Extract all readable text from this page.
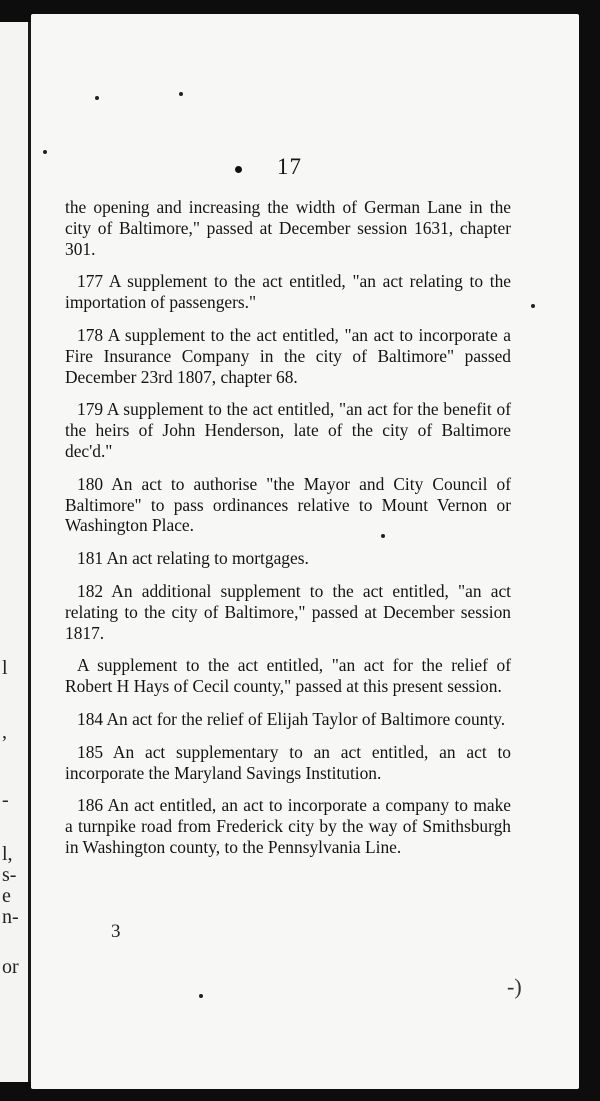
l
,
-
l,
s-
e
n-
or
17

the opening and increasing the width of German Lane in the city of Baltimore," passed at December session 1631, chapter 301.

177 A supplement to the act entitled, "an act relating to the importation of passengers."

178 A supplement to the act entitled, "an act to incorporate a Fire Insurance Company in the city of Baltimore" passed December 23rd 1807, chapter 68.

179 A supplement to the act entitled, "an act for the benefit of the heirs of John Henderson, late of the city of Baltimore dec'd."

180 An act to authorise "the Mayor and City Council of Baltimore" to pass ordinances relative to Mount Vernon or Washington Place.

181 An act relating to mortgages.

182 An additional supplement to the act entitled, "an act relating to the city of Baltimore," passed at December session 1817.

A supplement to the act entitled, "an act for the relief of Robert H Hays of Cecil county," passed at this present session.

184 An act for the relief of Elijah Taylor of Baltimore county.

185 An act supplementary to an act entitled, an act to incorporate the Maryland Savings Institution.

186 An act entitled, an act to incorporate a company to make a turnpike road from Frederick city by the way of Smithsburgh in Washington county, to the Pennsylvania Line.

3
-)
